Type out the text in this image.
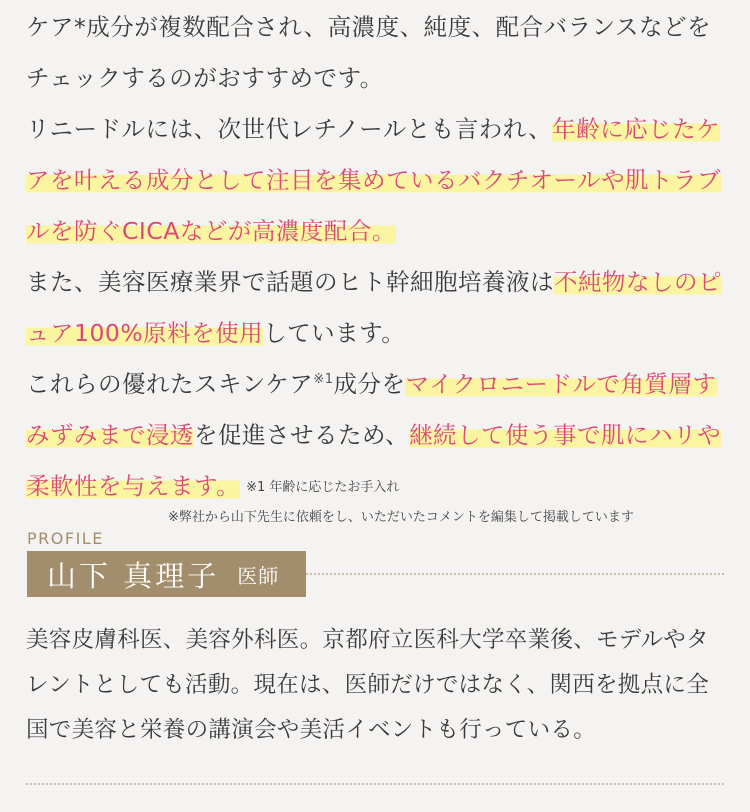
ケア*成分が複数配合され、高濃度、純度、配合バランスなどをチェックするのがおすすめです。

リニードルには、次世代レチノールとも言われ、年齢に応じたケアを叶える成分として注目を集めているバクチオールや肌トラブルを防ぐCICAなどが高濃度配合。

また、美容医療業界で話題のヒト幹細胞培養液は不純物なしのピュア100%原料を使用しています。

これらの優れたスキンケア$^{※1}$成分をマイクロニードルで角質層すみずみまで浸透を促進させるため、継続して使う事で肌にハリや柔軟性を与えます。 ※1 年齢に応じたお手入れ

※弊社から山下先生に依頼をし、いただいたコメントを編集して掲載しています
PROFILE
山下 真理子 医師

美容皮膚科医、美容外科医。京都府立医科大学卒業後、モデルやタレントとしても活動。現在は、医師だけではなく、関西を拠点に全国で美容と栄養の講演会や美活イベントも行っている。
